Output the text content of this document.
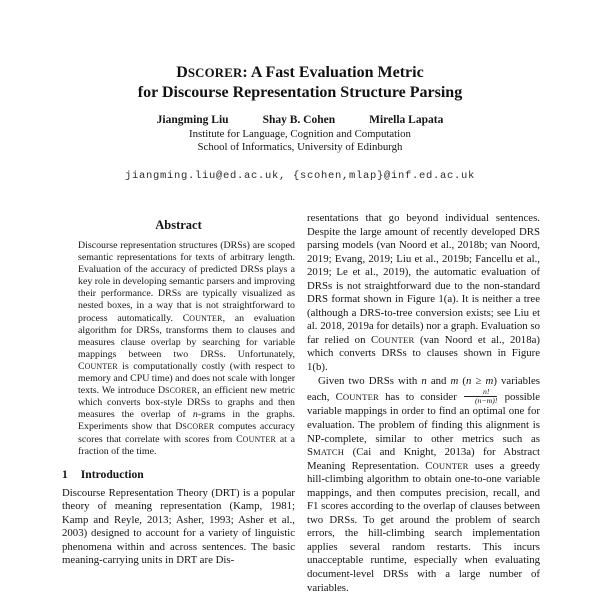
DSCORER: A Fast Evaluation Metric
for Discourse Representation Structure Parsing
Jiangming Liu	Shay B. Cohen	Mirella Lapata
Institute for Language, Cognition and Computation
School of Informatics, University of Edinburgh
jiangming.liu@ed.ac.uk, {scohen,mlap}@inf.ed.ac.uk
Abstract
Discourse representation structures (DRSs) are scoped semantic representations for texts of arbitrary length. Evaluation of the accuracy of predicted DRSs plays a key role in developing semantic parsers and improving their performance. DRSs are typically visualized as nested boxes, in a way that is not straightforward to process automatically. COUNTER, an evaluation algorithm for DRSs, transforms them to clauses and measures clause overlap by searching for variable mappings between two DRSs. Unfortunately, COUNTER is computationally costly (with respect to memory and CPU time) and does not scale with longer texts. We introduce DSCORER, an efficient new metric which converts box-style DRSs to graphs and then measures the overlap of n-grams in the graphs. Experiments show that DSCORER computes accuracy scores that correlate with scores from COUNTER at a fraction of the time.
1 Introduction
Discourse Representation Theory (DRT) is a popular theory of meaning representation (Kamp, 1981; Kamp and Reyle, 2013; Asher, 1993; Asher et al., 2003) designed to account for a variety of linguistic phenomena within and across sentences. The basic meaning-carrying units in DRT are Dis-
resentations that go beyond individual sentences. Despite the large amount of recently developed DRS parsing models (van Noord et al., 2018b; van Noord, 2019; Evang, 2019; Liu et al., 2019b; Fancellu et al., 2019; Le et al., 2019), the automatic evaluation of DRSs is not straightforward due to the non-standard DRS format shown in Figure 1(a). It is neither a tree (although a DRS-to-tree conversion exists; see Liu et al. 2018, 2019a for details) nor a graph. Evaluation so far relied on COUNTER (van Noord et al., 2018a) which converts DRSs to clauses shown in Figure 1(b).
Given two DRSs with n and m (n ≥ m) variables each, COUNTER has to consider $\frac{n!}{(n-m)!}$ possible variable mappings in order to find an optimal one for evaluation. The problem of finding this alignment is NP-complete, similar to other metrics such as SMATCH (Cai and Knight, 2013a) for Abstract Meaning Representation. COUNTER uses a greedy hill-climbing algorithm to obtain one-to-one variable mappings, and then computes precision, recall, and F1 scores according to the overlap of clauses between two DRSs. To get around the problem of search errors, the hill-climbing search implementation applies several random restarts. This incurs unacceptable runtime, especially when evaluating document-level DRSs with a large number of variables.
